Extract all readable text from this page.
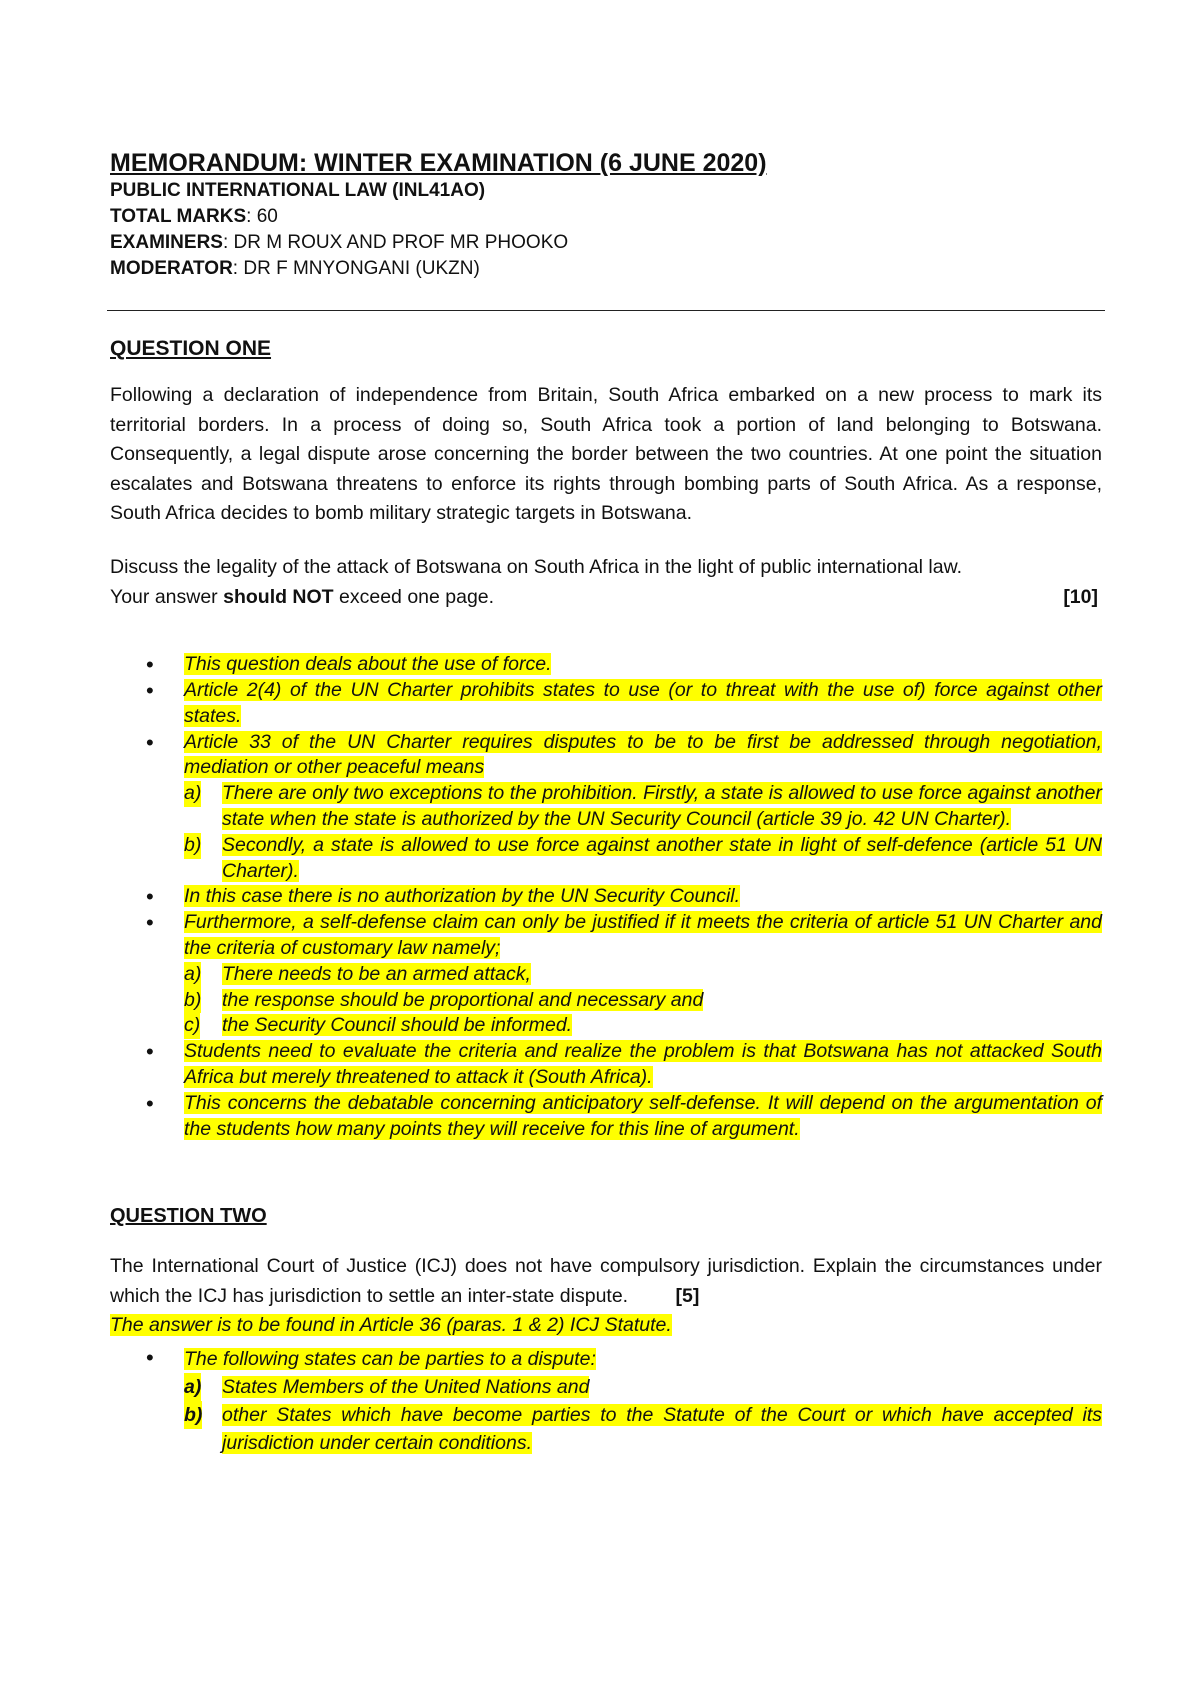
MEMORANDUM: WINTER EXAMINATION (6 JUNE 2020)

PUBLIC INTERNATIONAL LAW (INL41AO)

TOTAL MARKS: 60

EXAMINERS: DR M ROUX AND PROF MR PHOOKO

MODERATOR: DR F MNYONGANI (UKZN)

QUESTION ONE

Following a declaration of independence from Britain, South Africa embarked on a new process to mark its territorial borders. In a process of doing so, South Africa took a portion of land belonging to Botswana. Consequently, a legal dispute arose concerning the border between the two countries. At one point the situation escalates and Botswana threatens to enforce its rights through bombing parts of South Africa. As a response, South Africa decides to bomb military strategic targets in Botswana.

Discuss the legality of the attack of Botswana on South Africa in the light of public international law.
Your answer should NOT exceed one page.	[10]

• This question deals about the use of force.
• Article 2(4) of the UN Charter prohibits states to use (or to threat with the use of) force against other states.
• Article 33 of the UN Charter requires disputes to be to be first be addressed through negotiation, mediation or other peaceful means
a) There are only two exceptions to the prohibition. Firstly, a state is allowed to use force against another state when the state is authorized by the UN Security Council (article 39 jo. 42 UN Charter).
b) Secondly, a state is allowed to use force against another state in light of self-defence (article 51 UN Charter).
• In this case there is no authorization by the UN Security Council.
• Furthermore, a self-defense claim can only be justified if it meets the criteria of article 51 UN Charter and the criteria of customary law namely;
a) There needs to be an armed attack,
b) the response should be proportional and necessary and
c) the Security Council should be informed.
• Students need to evaluate the criteria and realize the problem is that Botswana has not attacked South Africa but merely threatened to attack it (South Africa).
• This concerns the debatable concerning anticipatory self-defense. It will depend on the argumentation of the students how many points they will receive for this line of argument.

QUESTION TWO

The International Court of Justice (ICJ) does not have compulsory jurisdiction. Explain the circumstances under which the ICJ has jurisdiction to settle an inter-state dispute. [5]

The answer is to be found in Article 36 (paras. 1 & 2) ICJ Statute.

• The following states can be parties to a dispute:
a) States Members of the United Nations and
b) other States which have become parties to the Statute of the Court or which have accepted its jurisdiction under certain conditions.
